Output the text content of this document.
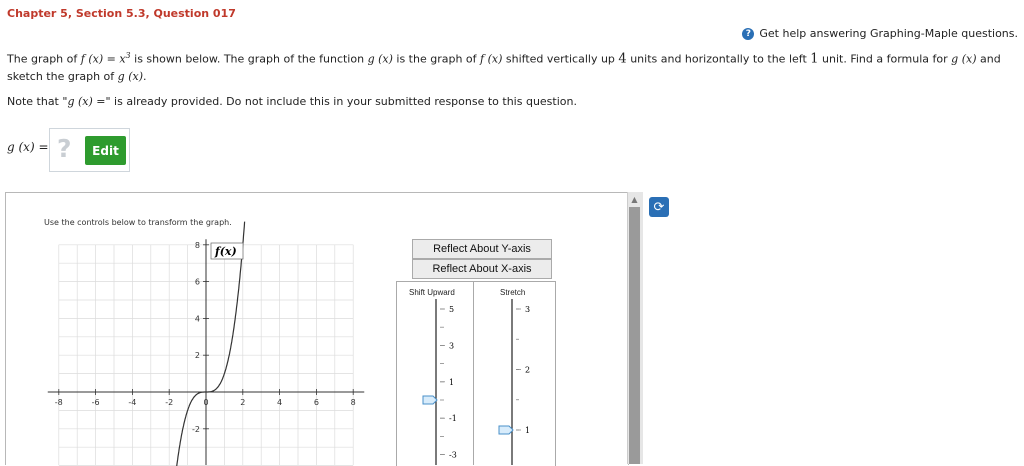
Chapter 5, Section 5.3, Question 017
? Get help answering Graphing-Maple questions.
The graph of f $(x) = x^3$ is shown below. The graph of the function g (x) is the graph of f (x) shifted vertically up 4 units and horizontally to the left 1 unit. Find a formula for g (x) and sketch the graph of g (x).
Note that "g (x) =" is already provided. Do not include this in your submitted response to this question.
g (x) = ?	Edit
Use the controls below to transform the graph.
-8	-6	-4	-2	0	2	4	6	8
8
6
4
2
-2
f(x)	Reflect About Y-axis
Reflect About X-axis
Shift Upward	Stretch
5
3
1
-1
-3
3
2
1
▲
⟳
